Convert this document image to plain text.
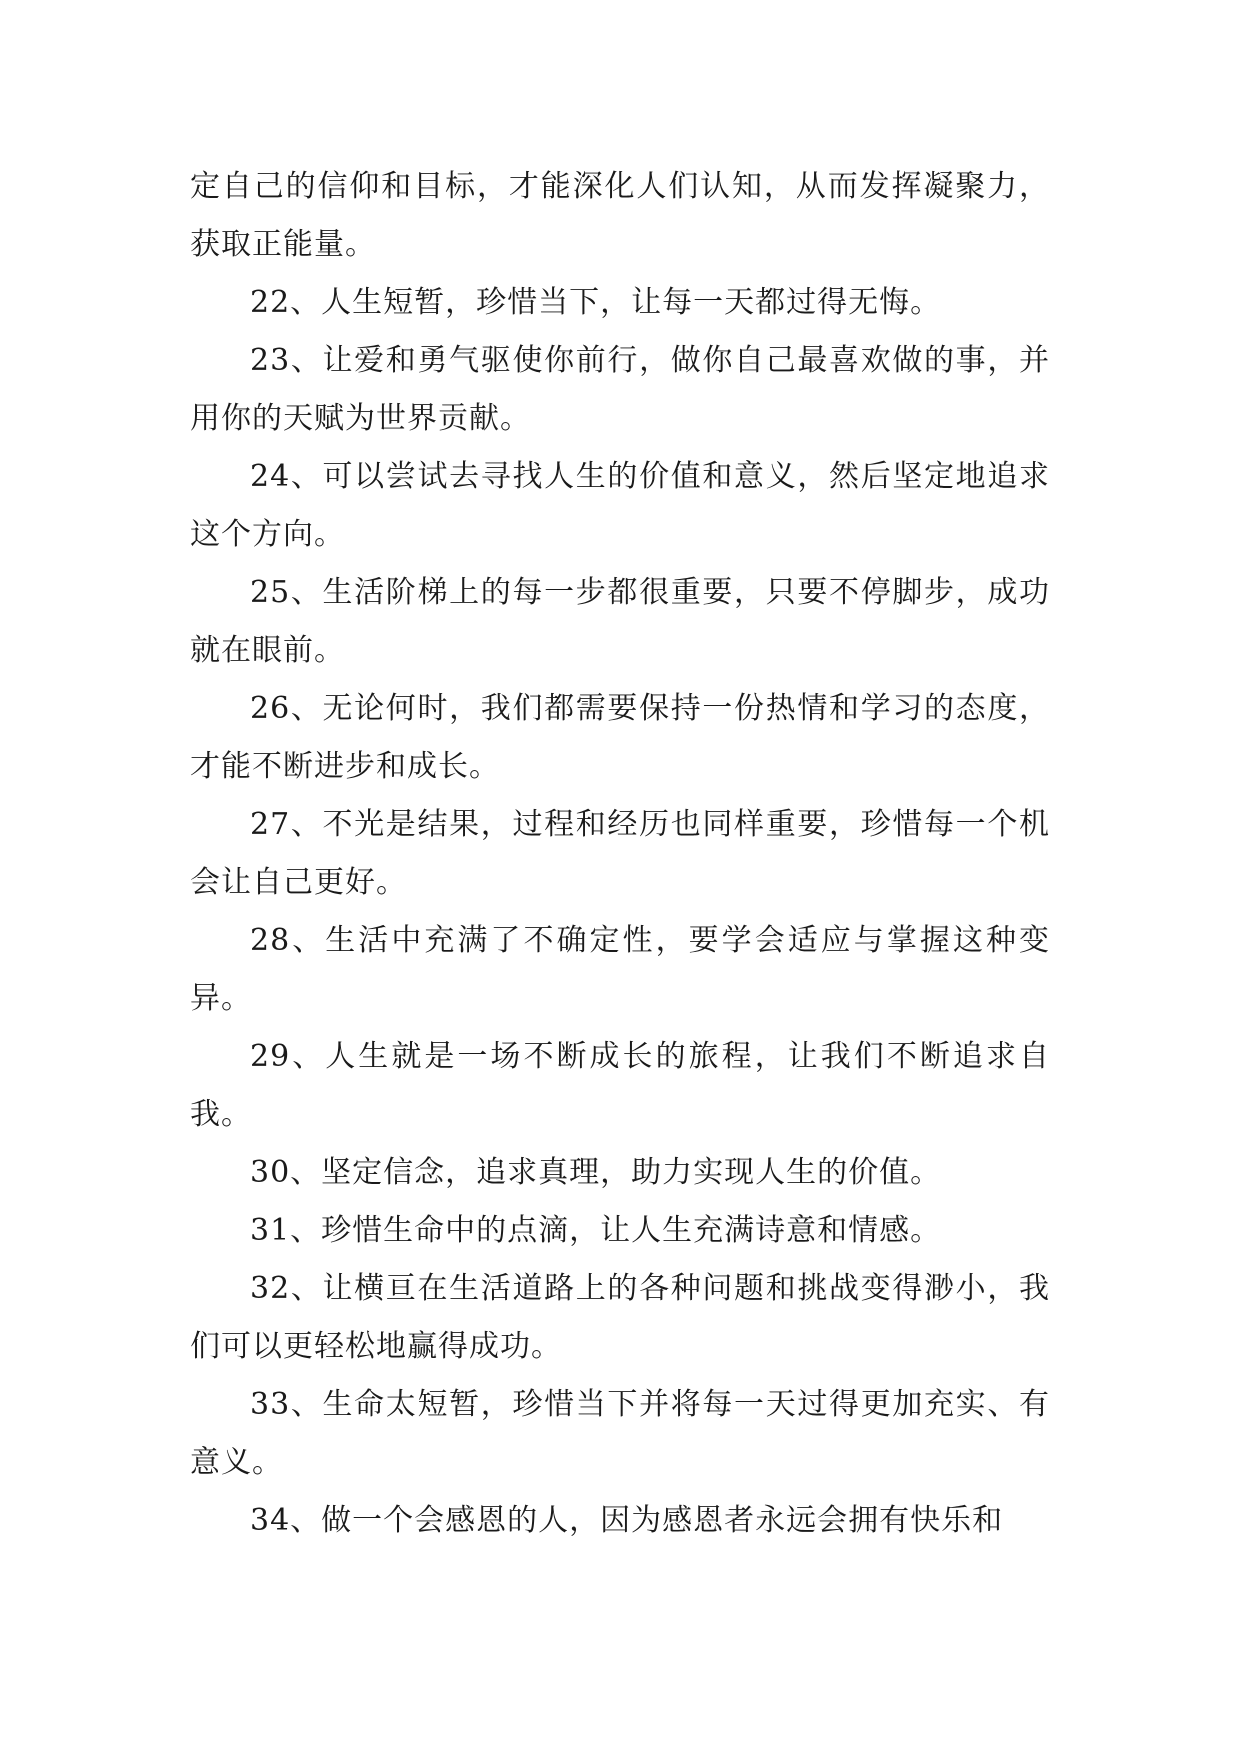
定自己的信仰和目标，才能深化人们认知，从而发挥凝聚力，获取正能量。

22、人生短暂，珍惜当下，让每一天都过得无悔。

23、让爱和勇气驱使你前行，做你自己最喜欢做的事，并用你的天赋为世界贡献。

24、可以尝试去寻找人生的价值和意义，然后坚定地追求这个方向。

25、生活阶梯上的每一步都很重要，只要不停脚步，成功就在眼前。

26、无论何时，我们都需要保持一份热情和学习的态度，才能不断进步和成长。

27、不光是结果，过程和经历也同样重要，珍惜每一个机会让自己更好。

28、生活中充满了不确定性，要学会适应与掌握这种变异。

29、人生就是一场不断成长的旅程，让我们不断追求自我。

30、坚定信念，追求真理，助力实现人生的价值。

31、珍惜生命中的点滴，让人生充满诗意和情感。

32、让横亘在生活道路上的各种问题和挑战变得渺小，我们可以更轻松地赢得成功。

33、生命太短暂，珍惜当下并将每一天过得更加充实、有意义。

34、做一个会感恩的人，因为感恩者永远会拥有快乐和
